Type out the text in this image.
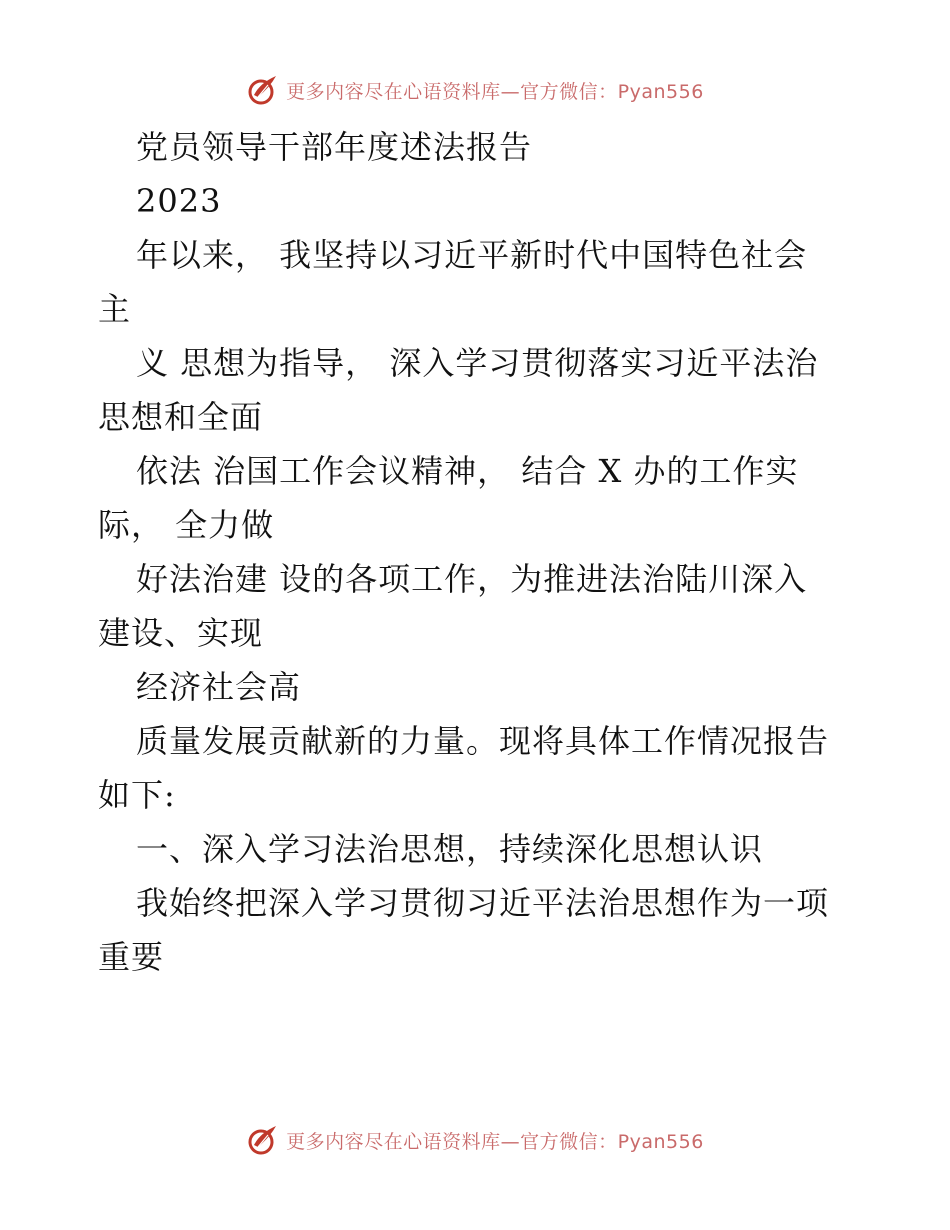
更多内容尽在心语资料库—官方微信：Pyan556
党员领导干部年度述法报告
2023
年以来， 我坚持以习近平新时代中国特色社会
主
义 思想为指导， 深入学习贯彻落实习近平法治
思想和全面
依法 治国工作会议精神， 结合 X 办的工作实
际， 全力做
好法治建 设的各项工作，为推进法治陆川深入
建设、实现
经济社会高
质量发展贡献新的力量。现将具体工作情况报告
如下:
一、深入学习法治思想，持续深化思想认识
我始终把深入学习贯彻习近平法治思想作为一项
重要
更多内容尽在心语资料库—官方微信：Pyan556
